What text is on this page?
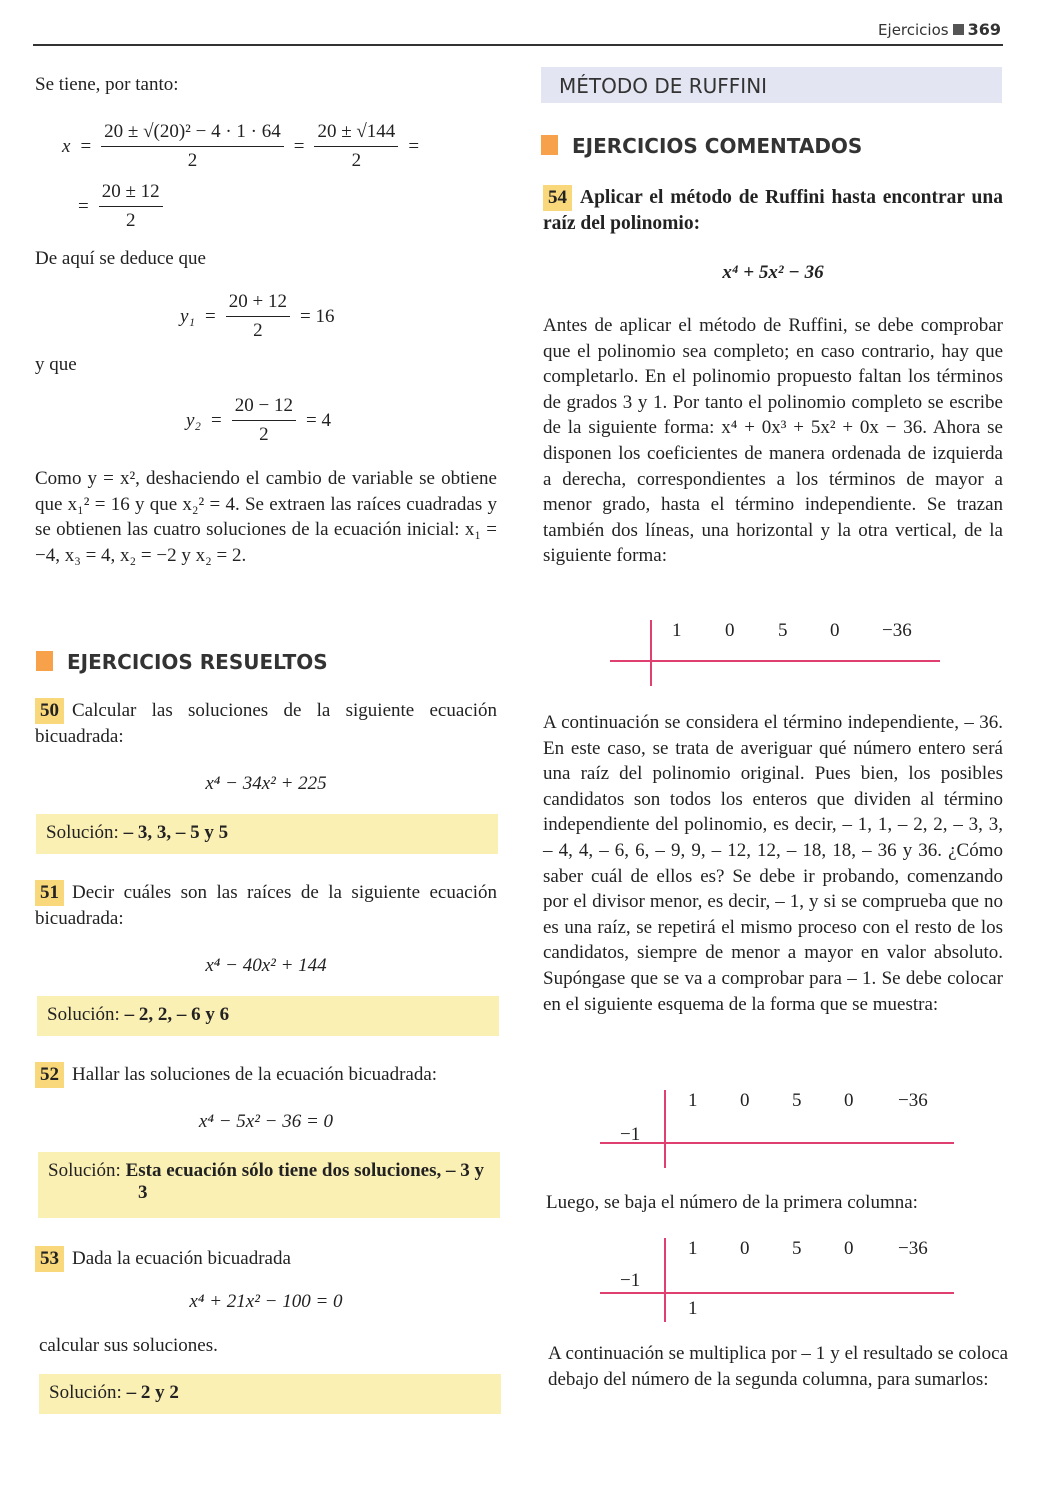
Ejercicios 369
Se tiene, por tanto:
$x = \frac{\text{20 ± √(20)² − 4 · 1 · 64}}{2} = \frac{20 \pm √144}{2}$ =
= $\frac{20 \pm 12}{2}$
De aquí se deduce que
$y_1 = \frac{20 + 12}{2} = 16$
y que
$y_2 = \frac{20 - 12}{2} = 4$

Como y = x², deshaciendo el cambio de variable se obtiene que x₁² = 16 y que x₂² = 4. Se extraen las raíces cuadradas y se obtienen las cuatro soluciones de la ecuación inicial: x₁ = −4, x₃ = 4, x₂ = −2 y x₂ = 2.

EJERCICIOS RESUELTOS

50 Calcular las soluciones de la siguiente ecuación bicuadrada:

x⁴ − 34x² + 225
Solución: – 3, 3, – 5 y 5

51 Decir cuáles son las raíces de la siguiente ecuación bicuadrada:

x⁴ − 40x² + 144
Solución: – 2, 2, – 6 y 6

52 Hallar las soluciones de la ecuación bicuadrada:

x⁴ − 5x² − 36 = 0
Solución: Esta ecuación sólo tiene dos soluciones, – 3 y 3

53 Dada la ecuación bicuadrada

x⁴ + 21x² − 100 = 0
calcular sus soluciones.
Solución: – 2 y 2
MÉTODO DE RUFFINI
EJERCICIOS COMENTADOS

54 Aplicar el método de Ruffini hasta encontrar una raíz del polinomio:

x⁴ + 5x² − 36

Antes de aplicar el método de Ruffini, se debe comprobar que el polinomio sea completo; en caso contrario, hay que completarlo. En el polinomio propuesto faltan los términos de grados 3 y 1. Por tanto el polinomio completo se escribe de la siguiente forma: x⁴ + 0x³ + 5x² + 0x − 36. Ahora se disponen los coeficientes de manera ordenada de izquierda a derecha, correspondientes a los términos de mayor a menor grado, hasta el término independiente. Se trazan también dos líneas, una horizontal y la otra vertical, de la siguiente forma:

1 0 5 0 −36

A continuación se considera el término independiente, – 36. En este caso, se trata de averiguar qué número entero será una raíz del polinomio original. Pues bien, los posibles candidatos son todos los enteros que dividen al término independiente del polinomio, es decir, – 1, 1, – 2, 2, – 3, 3, – 4, 4, – 6, 6, – 9, 9, – 12, 12, – 18, 18, – 36 y 36. ¿Cómo saber cuál de ellos es? Se debe ir probando, comenzando por el divisor menor, es decir, – 1, y si se comprueba que no es una raíz, se repetirá el mismo proceso con el resto de los candidatos, siempre de menor a mayor en valor absoluto. Supóngase que se va a comprobar para – 1. Se debe colocar en el siguiente esquema de la forma que se muestra:

−1
1 0 5 0 −36

Luego, se baja el número de la primera columna:

−1
1 0 5 0 −36
1

A continuación se multiplica por – 1 y el resultado se coloca debajo del número de la segunda columna, para sumarlos:
